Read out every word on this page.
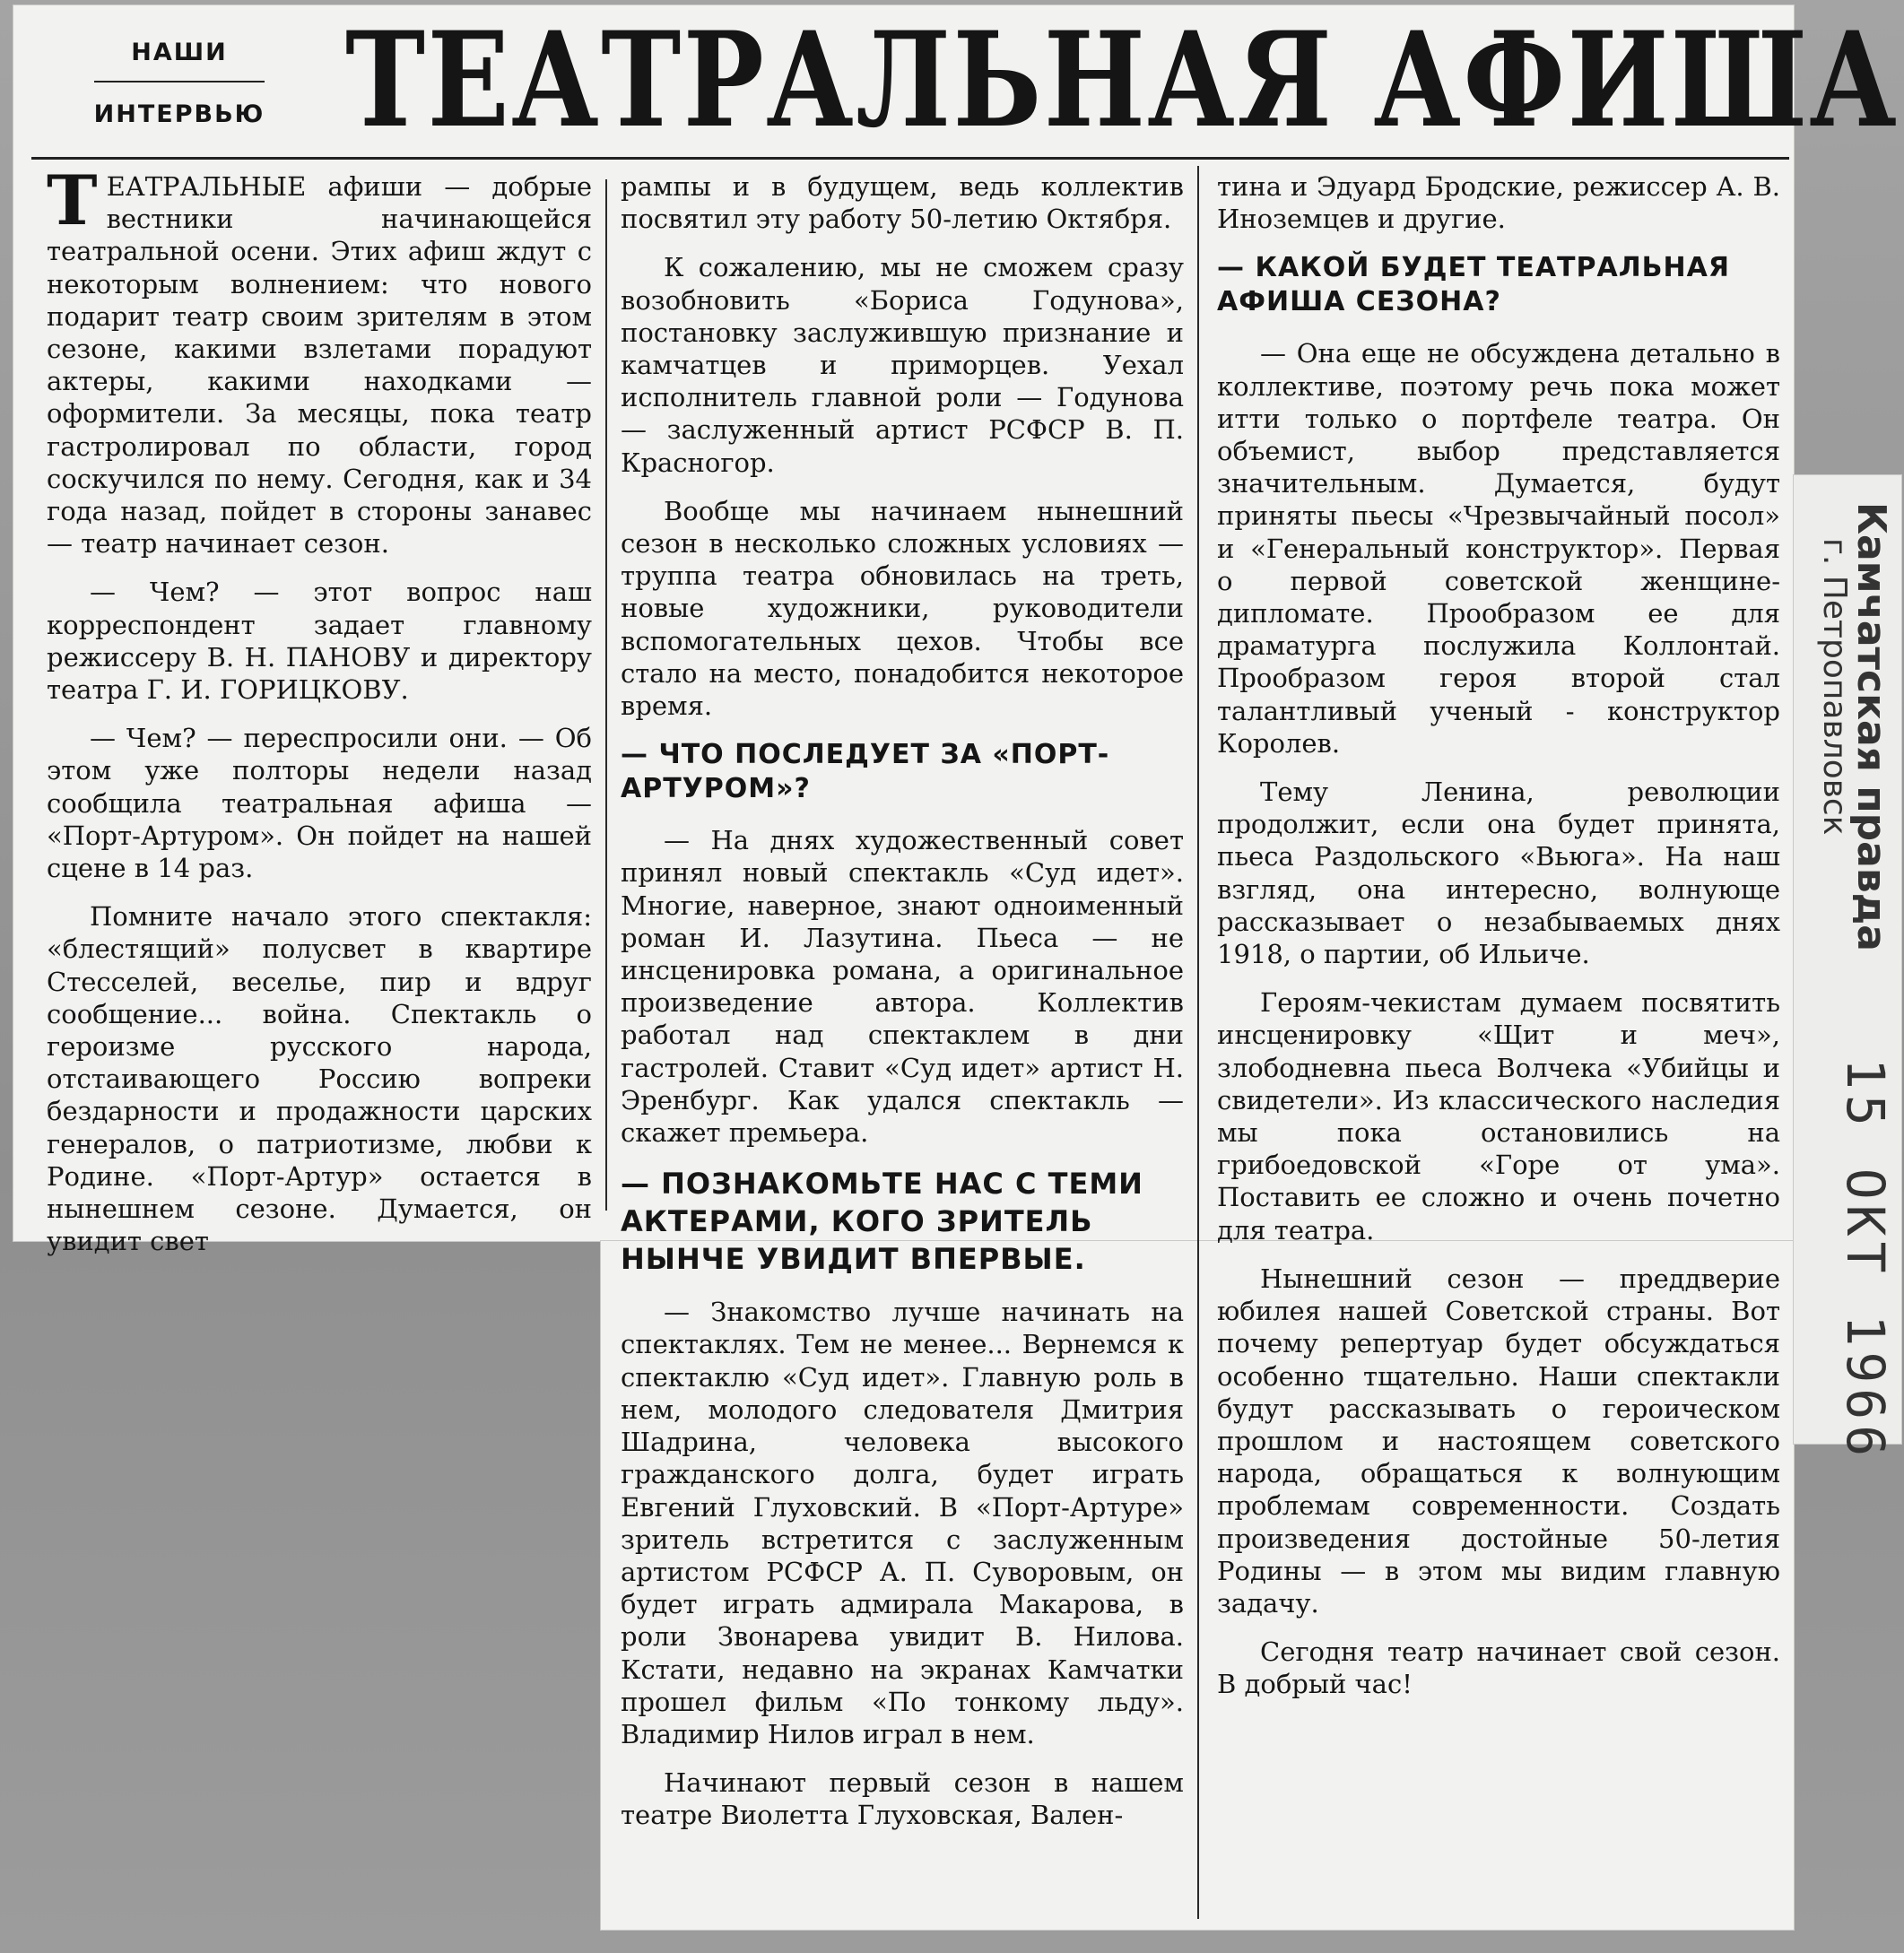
НАШИ
ИНТЕРВЬЮ ТЕАТРАЛЬНАЯ АФИША

ТЕАТРАЛЬНЫЕ афиши — добрые вестники начинающейся театральной осени. Этих афиш ждут с некоторым волнением: что нового подарит театр своим зрителям в этом сезоне, какими взлетами порадуют актеры, какими находками — оформители. За месяцы, пока театр гастролировал по области, город соскучился по нему. Сегодня, как и 34 года назад, пойдет в стороны занавес — театр начинает сезон.

— Чем? — этот вопрос наш корреспондент задает главному режиссеру В. Н. ПАНОВУ и директору театра Г. И. ГОРИЦКОВУ.

— Чем? — переспросили они. — Об этом уже полторы недели назад сообщила театральная афиша — «Порт-Артуром». Он пойдет на нашей сцене в 14 раз.

Помните начало этого спектакля: «блестящий» полусвет в квартире Стесселей, веселье, пир и вдруг сообщение... война. Спектакль о героизме русского народа, отстаивающего Россию вопреки бездарности и продажности царских генералов, о патриотизме, любви к Родине. «Порт-Артур» остается в нынешнем сезоне. Думается, он увидит свет

рампы и в будущем, ведь коллектив посвятил эту работу 50-летию Октября.

К сожалению, мы не сможем сразу возобновить «Бориса Годунова», постановку заслужившую признание и камчатцев и приморцев. Уехал исполнитель главной роли — Годунова — заслуженный артист РСФСР В. П. Красногор.

Вообще мы начинаем нынешний сезон в несколько сложных условиях — труппа театра обновилась на треть, новые художники, руководители вспомогательных цехов. Чтобы все стало на место, понадобится некоторое время.

— ЧТО ПОСЛЕДУЕТ ЗА «ПОРТ-АРТУРОМ»?

— На днях художественный совет принял новый спектакль «Суд идет». Многие, наверное, знают одноименный роман И. Лазутина. Пьеса — не инсценировка романа, а оригинальное произведение автора. Коллектив работал над спектаклем в дни гастролей. Ставит «Суд идет» артист Н. Эренбург. Как удался спектакль — скажет премьера.

— ПОЗНАКОМЬТЕ НАС С ТЕМИ АКТЕРАМИ, КОГО ЗРИТЕЛЬ НЫНЧЕ УВИДИТ ВПЕРВЫЕ.

— Знакомство лучше начинать на спектаклях. Тем не менее... Вернемся к спектаклю «Суд идет». Главную роль в нем, молодого следователя Дмитрия Шадрина, человека высокого гражданского долга, будет играть Евгений Глуховский. В «Порт-Артуре» зритель встретится с заслуженным артистом РСФСР А. П. Суворовым, он будет играть адмирала Макарова, в роли Звонарева увидит В. Нилова. Кстати, недавно на экранах Камчатки прошел фильм «По тонкому льду». Владимир Нилов играл в нем.

Начинают первый сезон в нашем театре Виолетта Глуховская, Вален-

тина и Эдуард Бродские, режиссер А. В. Иноземцев и другие.

— КАКОЙ БУДЕТ ТЕАТРАЛЬНАЯ АФИША СЕЗОНА?

— Она еще не обсуждена детально в коллективе, поэтому речь пока может итти только о портфеле театра. Он объемист, выбор представляется значительным. Думается, будут приняты пьесы «Чрезвычайный посол» и «Генеральный конструктор». Первая о первой советской женщине-дипломате. Прообразом ее для драматурга послужила Коллонтай. Прообразом героя второй стал талантливый ученый - конструктор Королев.

Тему Ленина, революции продолжит, если она будет принята, пьеса Раздольского «Вьюга». На наш взгляд, она интересно, волнующе рассказывает о незабываемых днях 1918, о партии, об Ильиче.

Героям-чекистам думаем посвятить инсценировку «Щит и меч», злободневна пьеса Волчека «Убийцы и свидетели». Из классического наследия мы пока остановились на грибоедовской «Горе от ума». Поставить ее сложно и очень почетно для театра.

Нынешний сезон — преддверие юбилея нашей Советской страны. Вот почему репертуар будет обсуждаться особенно тщательно. Наши спектакли будут рассказывать о героическом прошлом и настоящем советского народа, обращаться к волнующим проблемам современности. Создать произведения достойные 50-летия Родины — в этом мы видим главную задачу.

Сегодня театр начинает свой сезон. В добрый час!

Камчатская правда
г. Петропавловск
15 ОКТ 1966
